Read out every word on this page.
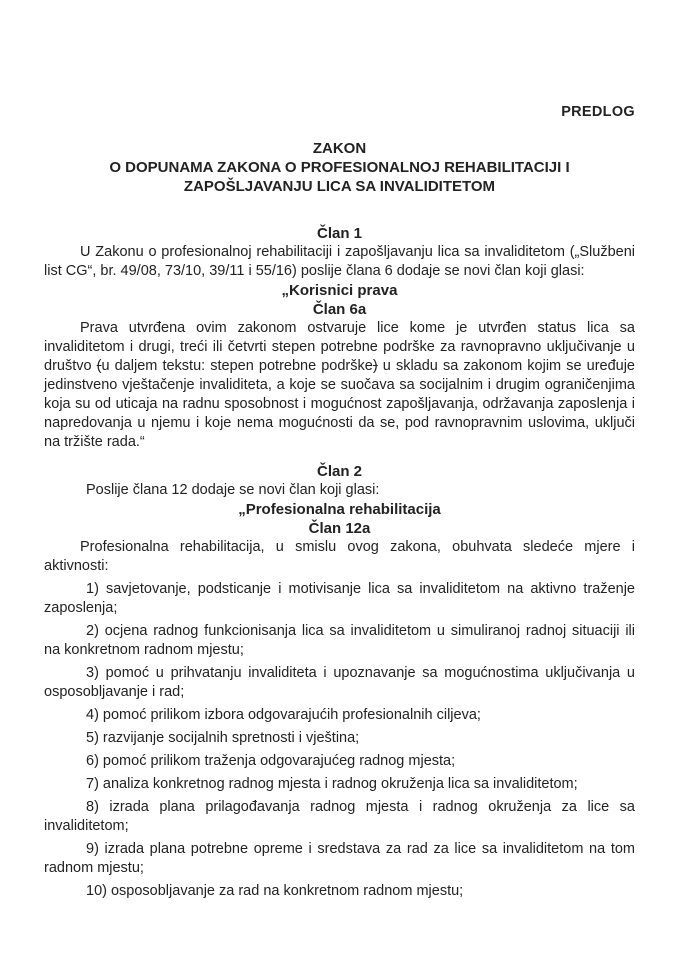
PREDLOG
ZAKON
O DOPUNAMA ZAKONA O PROFESIONALNOJ REHABILITACIJI I
ZAPOŠLJAVANJU LICA SA INVALIDITETOM
Član 1

U Zakonu o profesionalnoj rehabilitaciji i zapošljavanju lica sa invaliditetom („Službeni list CG“, br. 49/08, 73/10, 39/11 i 55/16) poslije člana 6 dodaje se novi član koji glasi:

„Korisnici prava
Član 6a

Prava utvrđena ovim zakonom ostvaruje lice kome je utvrđen status lica sa invaliditetom i drugi, treći ili četvrti stepen potrebne podrške za ravnopravno uključivanje u društvo (u daljem tekstu: stepen potrebne podrške) u skladu sa zakonom kojim se uređuje jedinstveno vještačenje invaliditeta, a koje se suočava sa socijalnim i drugim ograničenjima koja su od uticaja na radnu sposobnost i mogućnost zapošljavanja, održavanja zaposlenja i napredovanja u njemu i koje nema mogućnosti da se, pod ravnopravnim uslovima, uključi na tržište rada.“

Član 2

Poslije člana 12 dodaje se novi član koji glasi:

„Profesionalna rehabilitacija
Član 12a

Profesionalna rehabilitacija, u smislu ovog zakona, obuhvata sledeće mjere i aktivnosti:

1) savjetovanje, podsticanje i motivisanje lica sa invaliditetom na aktivno traženje zaposlenja;

2) ocjena radnog funkcionisanja lica sa invaliditetom u simuliranoj radnoj situaciji ili na konkretnom radnom mjestu;

3) pomoć u prihvatanju invaliditeta i upoznavanje sa mogućnostima uključivanja u osposobljavanje i rad;

4) pomoć prilikom izbora odgovarajućih profesionalnih ciljeva;

5) razvijanje socijalnih spretnosti i vještina;

6) pomoć prilikom traženja odgovarajućeg radnog mjesta;

7) analiza konkretnog radnog mjesta i radnog okruženja lica sa invaliditetom;

8) izrada plana prilagođavanja radnog mjesta i radnog okruženja za lice sa invaliditetom;

9) izrada plana potrebne opreme i sredstava za rad za lice sa invaliditetom na tom radnom mjestu;

10) osposobljavanje za rad na konkretnom radnom mjestu;
